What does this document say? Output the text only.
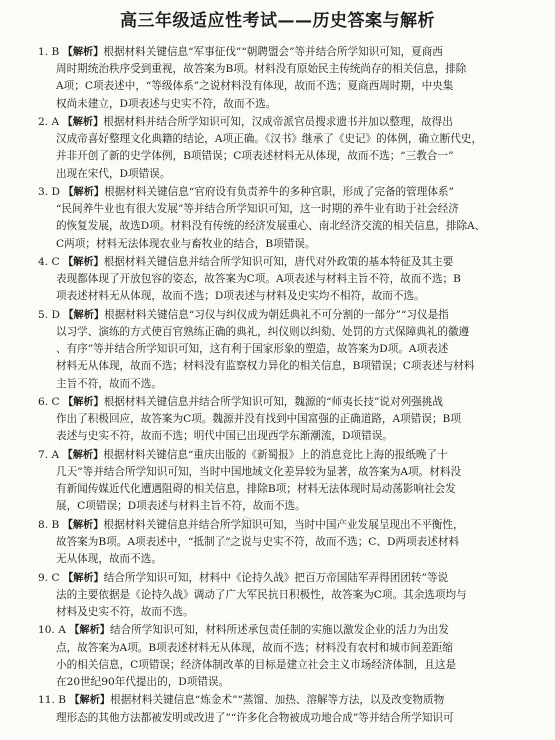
高三年级适应性考试——历史答案与解析
1. B 【解析】根据材料关键信息“军事征伐”“朝聘盟会”等并结合所学知识可知，夏商西
周时期统治秩序受到重视，故答案为B项。材料没有原始民主传统尚存的相关信息，排除
A项；C项表述中，“等级体系”之说材料没有体现，故而不选；夏商西周时期，中央集
权尚未建立，D项表述与史实不符，故而不选。
2. A 【解析】根据材料并结合所学知识可知，汉成帝派官员搜求遗书并加以整理，故得出
汉成帝喜好整理文化典籍的结论，A项正确。《汉书》继承了《史记》的体例，确立断代史，
并非开创了新的史学体例，B项错误；C项表述材料无从体现，故而不选；“三教合一”
出现在宋代，D项错误。
3. D 【解析】根据材料关键信息“官府设有负责养牛的多种官职，形成了完备的管理体系”
“民间养牛业也有很大发展”等并结合所学知识可知，这一时期的养牛业有助于社会经济
的恢复发展，故选D项。材料没有传统的经济发展重心、南北经济交流的相关信息，排除A、
C两项；材料无法体现农业与畜牧业的结合，B项错误。
4. C 【解析】根据材料关键信息并结合所学知识可知，唐代对外政策的基本特征及其主要
表现都体现了开放包容的姿态，故答案为C项。A项表述与材料主旨不符，故而不选；B
项表述材料无从体现，故而不选；D项表述与材料及史实均不相符，故而不选。
5. D 【解析】根据材料关键信息“习仪与纠仪成为朝廷典礼不可分割的一部分”“习仪是指
以习学、演练的方式使百官熟练正确的典礼，纠仪则以纠劾、处罚的方式保障典礼的徽遵
、有序”等并结合所学知识可知，这有利于国家形象的塑造，故答案为D项。A项表述
材料无从体现，故而不选；材料没有监察权力异化的相关信息，B项错误；C项表述与材料
主旨不符，故而不选。
6. C 【解析】根据材料关键信息并结合所学知识可知，魏源的“师夷长技”说对列强挑战
作出了积极回应，故答案为C项。魏源并没有找到中国富强的正确道路，A项错误；B项
表述与史实不符，故而不选；明代中国已出现西学东渐潮流，D项错误。
7. A 【解析】根据材料关键信息“重庆出版的《新蜀报》上的消息竞比上海的报纸晚了十
几天”等并结合所学知识可知，当时中国地域文化差异较为显著，故答案为A项。材料没
有新闻传媒近代化遭遇阻碍的相关信息，排除B项；材料无法体现时局动荡影响社会发
展，C项错误；D项表述与材料主旨不符，故而不选。
8. B 【解析】根据材料关键信息并结合所学知识可知，当时中国产业发展呈现出不平衡性，
故答案为B项。A项表述中，“抵制了”之说与史实不符，故而不选；C、D两项表述材料
无从体现，故而不选。
9. C 【解析】结合所学知识可知，材料中《论持久战》把百万帝国陆军弄得团团转”等说
法的主要依据是《论持久战》调动了广大军民抗日积极性，故答案为C项。其余选项均与
材料及史实不符，故而不选。
10. A 【解析】结合所学知识可知，材料所述承包责任制的实施以激发企业的活力为出发
点，故答案为A项。B项表述材料无从体现，故而不选；材料没有农村和城市间差距缩
小的相关信息，C项错误；经济体制改革的目标是建立社会主义市场经济体制，且这是
在20世纪90年代提出的，D项错误。
11. B 【解析】根据材料关键信息“炼金术”“蒸馏、加热、溶解等方法，以及改变物质物
理形态的其他方法都被发明或改进了”“许多化合物被成功地合成”等并结合所学知识可
✎ ⁄⁄ ╲
